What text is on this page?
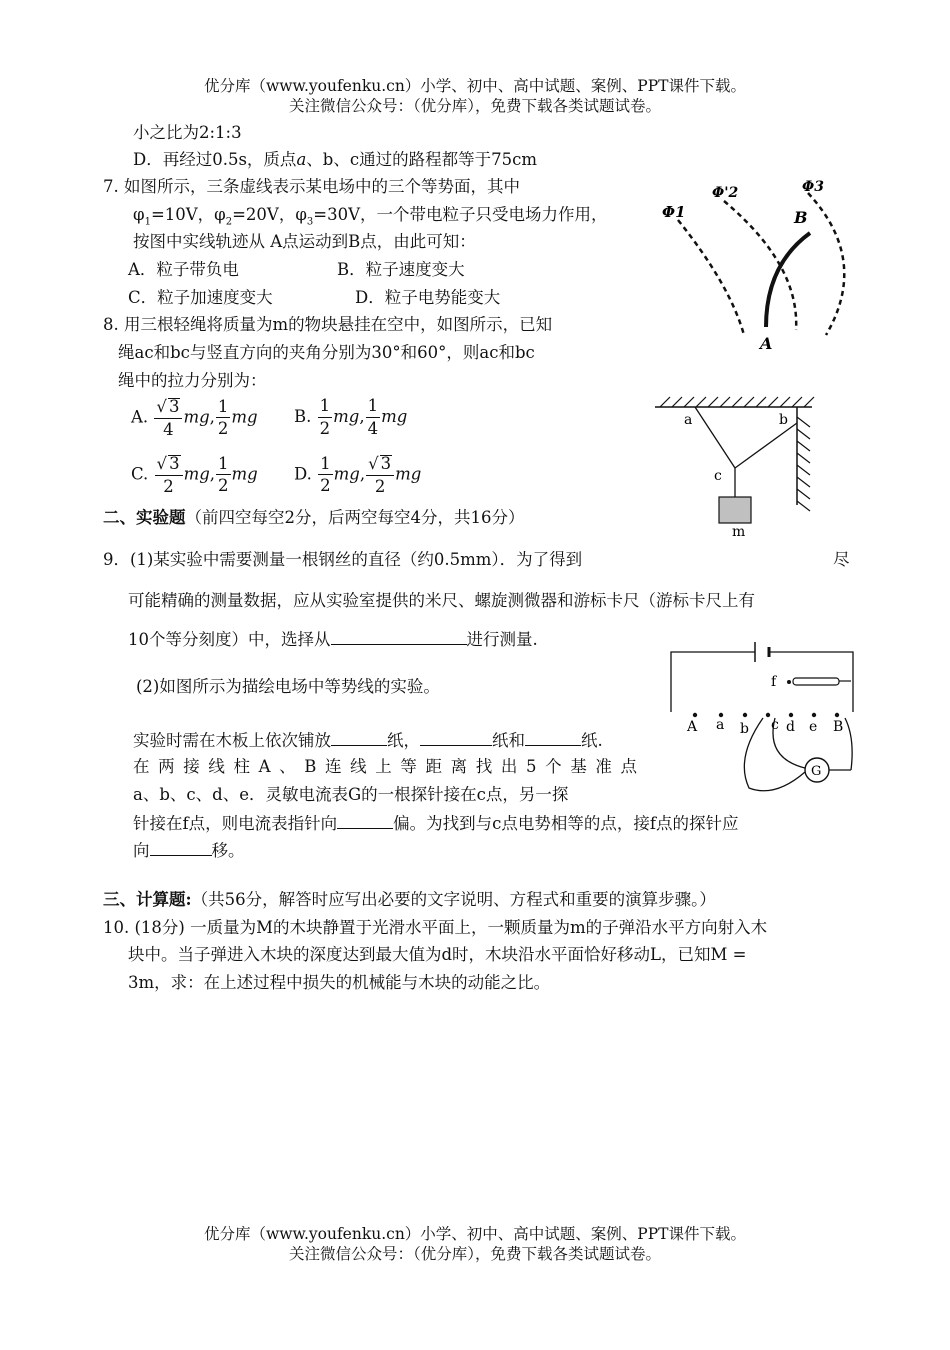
优分库（www.youfenku.cn）小学、初中、高中试题、案例、PPT课件下载。
关注微信公众号：（优分库），免费下载各类试题试卷。
小之比为2:1:3
D．再经过0.5s，质点a、b、c通过的路程都等于75cm
7. 如图所示，三条虚线表示某电场中的三个等势面，其中
$\varphi_1=10V$，$\varphi_2=20V$，$\varphi_3=30V$，一个带电粒子只受电场力作用，
按图中实线轨迹从 A点运动到B点，由此可知：
A．粒子带负电	B．粒子速度变大
C．粒子加速度变大	D．粒子电势能变大
Φ1
Φ'2	Φ3
B
A
8. 用三根轻绳将质量为m的物块悬挂在空中，如图所示，已知
绳ac和bc与竖直方向的夹角分别为30°和60°，则ac和bc
绳中的拉力分别为：
A. $\frac{√ 3}{4}$ mg, $\frac{1}{2}$ mg B. $\frac{1}{2}$ mg, $\frac{1}{4}$ mg
C. $\frac{√ 3}{2}$ mg, $\frac{1}{2}$ mg D. $\frac{1}{2}$ mg, $\frac{√ 3}{2}$ mg
a	b
c
m
二、实验题（前四空每空2分，后两空每空4分，共16分）
9．(1)某实验中需要测量一根钢丝的直径（约0.5mm）．为了得到	尽
可能精确的测量数据，应从实验室提供的米尺、螺旋测微器和游标卡尺（游标卡尺上有
10个等分刻度）中，选择从	进行测量.
(2)如图所示为描绘电场中等势线的实验。
实验时需在木板上依次铺放	纸，	纸和	纸.
在两接线柱A、B连线上等距离找出5个基准点
a、b、c、d、e．灵敏电流表G的一根探针接在c点，另一探
针接在f点，则电流表指针向	偏。为找到与c点电势相等的点，接f点的探针应
向	移。
f
A a b c d e B
G
三、计算题:（共56分，解答时应写出必要的文字说明、方程式和重要的演算步骤。）
10. (18分) 一质量为M的木块静置于光滑水平面上，一颗质量为m的子弹沿水平方向射入木
块中。当子弹进入木块的深度达到最大值为d时，木块沿水平面恰好移动L，已知M =
3m，求：在上述过程中损失的机械能与木块的动能之比。
优分库（www.youfenku.cn）小学、初中、高中试题、案例、PPT课件下载。
关注微信公众号：（优分库），免费下载各类试题试卷。
